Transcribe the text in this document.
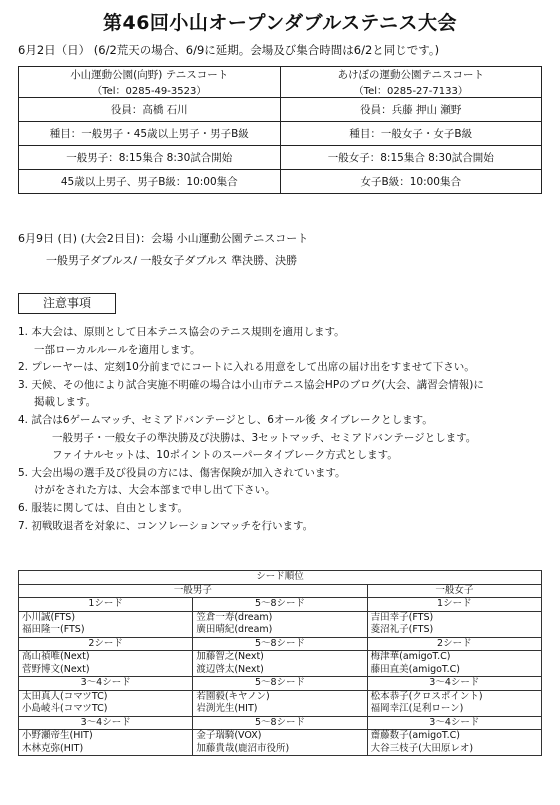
第46回小山オープンダブルステニス大会
6月2日（日） (6/2荒天の場合、6/9に延期。会場及び集合時間は6/2と同じです。)
小山運動公園(向野) テニスコート	あけぼの運動公園テニスコート
（Tel：0285-49-3523）	（Tel：0285-27-7133）
役員：高橋 石川	役員：兵藤 押山 瀬野
種目：一般男子・45歳以上男子・男子B級	種目：一般女子・女子B級
一般男子：8:15集合 8:30試合開始	一般女子：8:15集合 8:30試合開始
45歳以上男子、男子B級：10:00集合	女子B級：10:00集合
6月9日 (日) (大会2日目)：会場 小山運動公園テニスコート
一般男子ダブルス/ 一般女子ダブルス 準決勝、決勝
注意事項
1. 本大会は、原則として日本テニス協会のテニス規則を適用します。
一部ローカルルールを適用します。
2. プレーヤーは、定刻10分前までにコートに入れる用意をして出席の届け出をすませて下さい。
3. 天候、その他により試合実施不明確の場合は小山市テニス協会HPのブログ(大会、講習会情報)に
掲載します。
4. 試合は6ゲームマッチ、セミアドバンテージとし、6オール後 タイブレークとします。
一般男子・一般女子の準決勝及び決勝は、3セットマッチ、セミアドバンテージとします。
ファイナルセットは、10ポイントのスーパータイブレーク方式とします。
5. 大会出場の選手及び役員の方には、傷害保険が加入されています。
けがをされた方は、大会本部まで申し出て下さい。
6. 服装に関しては、自由とします。
7. 初戦敗退者を対象に、コンソレーションマッチを行います。
シード順位		
一般男子		一般女子
1シード	5～8シード	1シード
小川誠(FTS)	笠倉一寿(dream)	吉田幸子(FTS)
福田隆一(FTS)	廣田晴紀(dream)	菱沼礼子(FTS)
2シード	5～8シード	2シード
高山禎唯(Next)	加藤智之(Next)	梅津華(amigoT.C)
菅野博文(Next)	渡辺啓太(Next)	藤田直美(amigoT.C)
3～4シード	5～8シード	3～4シード
太田真人(コマツTC)	若園毅(キヤノン)	松本恭子(クロスポイント)
小島崚斗(コマツTC)	岩渕光生(HIT)	福岡幸江(足利ローン)
3～4シード	5～8シード	3～4シード
小野瀬帝生(HIT)	金子瑞騎(VOX)	齋藤数子(amigoT.C)
木林克弥(HIT)	加藤貴哉(鹿沼市役所)	大谷三枝子(大田原レオ)
